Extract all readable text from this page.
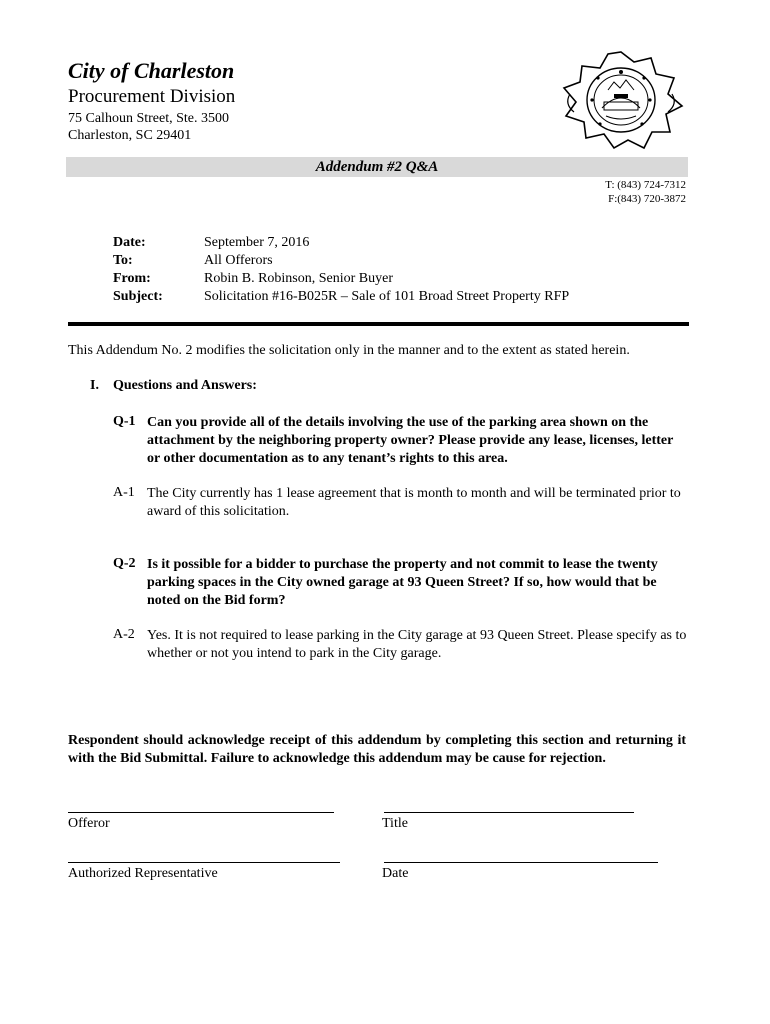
City of Charleston
Procurement Division
75 Calhoun Street, Ste. 3500
Charleston, SC 29401
Addendum #2 Q&A
T: (843) 724-7312
F:(843) 720-3872
Date:	September 7, 2016
To:	All Offerors
From:	Robin B. Robinson, Senior Buyer
Subject:	Solicitation #16-B025R – Sale of 101 Broad Street Property RFP
This Addendum No. 2 modifies the solicitation only in the manner and to the extent as stated herein.
I. Questions and Answers:
Q-1 Can you provide all of the details involving the use of the parking area shown on the attachment by the neighboring property owner? Please provide any lease, licenses, letter or other documentation as to any tenant’s rights to this area.
A-1 The City currently has 1 lease agreement that is month to month and will be terminated prior to award of this solicitation.
Q-2 Is it possible for a bidder to purchase the property and not commit to lease the twenty parking spaces in the City owned garage at 93 Queen Street? If so, how would that be noted on the Bid form?
A-2 Yes. It is not required to lease parking in the City garage at 93 Queen Street. Please specify as to whether or not you intend to park in the City garage.
Respondent should acknowledge receipt of this addendum by completing this section and returning it with the Bid Submittal. Failure to acknowledge this addendum may be cause for rejection.
Offeror	Title
Authorized Representative	Date
